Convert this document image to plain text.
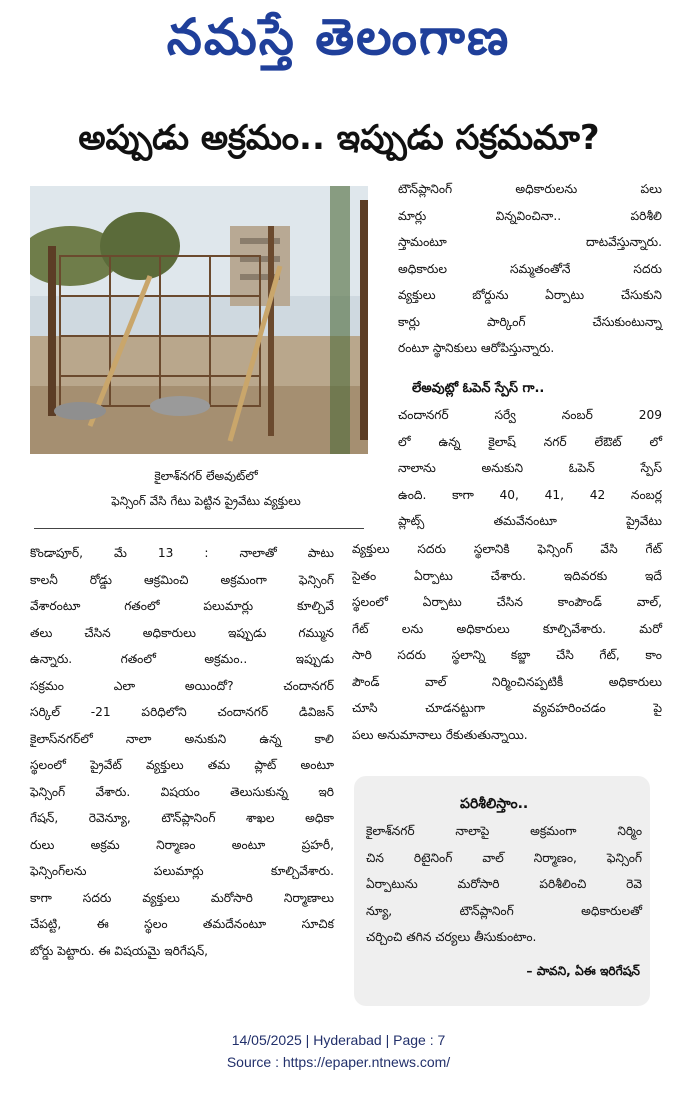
నమస్తే తెలంగాణ
అప్పుడు అక్రమం.. ఇప్పుడు సక్రమమా?
కైలాశ్‌నగర్ లేఅవుట్‌లో
ఫెన్సింగ్ వేసి గేటు పెట్టిన ప్రైవేటు వ్యక్తులు
కొండాపూర్, మే 13 : నాలాతో పాటు
కాలనీ రోడ్డు ఆక్రమించి అక్రమంగా ఫెన్సింగ్
వేశారంటూ గతంలో పలుమార్లు కూల్చివే
తలు చేసిన అధికారులు ఇప్పుడు గమ్మున
ఉన్నారు. గతంలో అక్రమం.. ఇప్పుడు
సక్రమం ఎలా అయిందో? చందానగర్
సర్కిల్ -21 పరిధిలోని చందానగర్ డివిజన్
కైలాస్‌నగర్‌లో నాలా అనుకుని ఉన్న కాలి
స్థలంలో ప్రైవేట్ వ్యక్తులు తమ ప్లాట్ అంటూ
ఫెన్సింగ్ వేశారు. విషయం తెలుసుకున్న ఇరి
గేషన్, రెవెన్యూ, టౌన్‌ప్లానింగ్ శాఖల అధికా
రులు అక్రమ నిర్మాణం అంటూ ప్రహరీ,
ఫెన్సింగ్‌లను పలుమార్లు కూల్చివేశారు.
కాగా సదరు వ్యక్తులు మరోసారి నిర్మాణాలు
చేపట్టి, ఈ స్థలం తమదేనంటూ సూచిక
బోర్డు పెట్టారు. ఈ విషయమై ఇరిగేషన్,
టౌన్‌ప్లానింగ్ అధికారులను పలు
మార్లు విన్నవించినా.. పరిశీలి
స్తామంటూ దాటవేస్తున్నారు.
అధికారుల సమ్మతంతోనే సదరు
వ్యక్తులు బోర్డును ఏర్పాటు చేసుకుని
కార్లు పార్కింగ్ చేసుకుంటున్నా
రంటూ స్థానికులు ఆరోపిస్తున్నారు.
లేఅవుట్లో ఓపెన్ స్పేస్ గా..
చందానగర్ సర్వే నంబర్ 209
లో ఉన్న కైలాష్ నగర్ లేఔట్ లో
నాలాను అనుకుని ఓపెన్ స్పేస్
ఉంది. కాగా 40, 41, 42 నంబర్ల
ప్లాట్స్ తమవేనంటూ ప్రైవేటు
వ్యక్తులు సదరు స్థలానికి ఫెన్సింగ్ వేసి గేట్
సైతం ఏర్పాటు చేశారు. ఇదివరకు ఇదే
స్థలంలో ఏర్పాటు చేసిన కాంపౌండ్ వాల్,
గేట్ లను అధికారులు కూల్చివేశారు. మరో
సారి సదరు స్థలాన్ని కబ్జా చేసి గేట్, కాం
పౌండ్ వాల్ నిర్మించినప్పటికీ అధికారులు
చూసి చూడనట్టుగా వ్యవహరించడం పై
పలు అనుమానాలు రేకుతుతున్నాయి.
పరిశీలిస్తాం..
కైలాశ్‌నగర్ నాలాపై అక్రమంగా నిర్మిం
చిన రిటైనింగ్ వాల్ నిర్మాణం, ఫెన్సింగ్
ఏర్పాటును మరోసారి పరిశీలించి రెవె
న్యూ, టౌన్‌ప్లానింగ్ అధికారులతో
చర్చించి తగిన చర్యలు తీసుకుంటాం.
– పావని, ఏఈ ఇరిగేషన్
14/05/2025 | Hyderabad | Page : 7
Source : https://epaper.ntnews.com/
